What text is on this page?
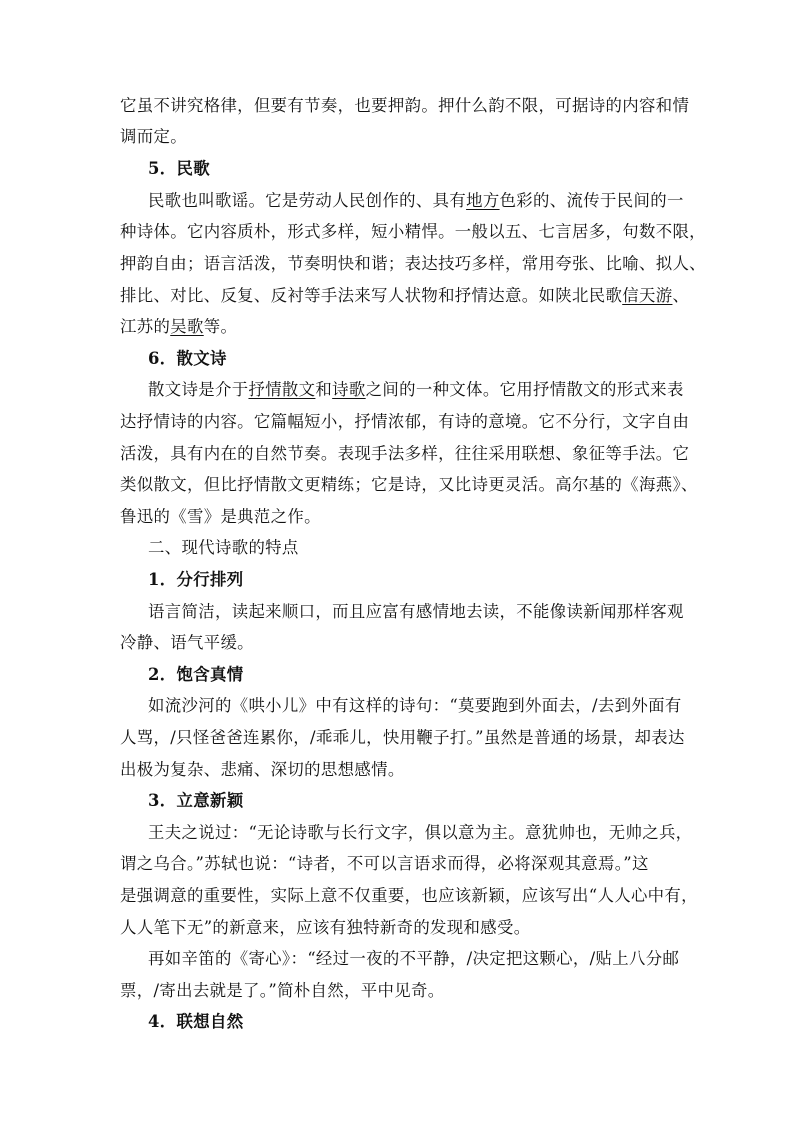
它虽不讲究格律，但要有节奏，也要押韵。押什么韵不限，可据诗的内容和情
调而定。
5．民歌
民歌也叫歌谣。它是劳动人民创作的、具有地方色彩的、流传于民间的一
种诗体。它内容质朴，形式多样，短小精悍。一般以五、七言居多，句数不限，
押韵自由；语言活泼，节奏明快和谐；表达技巧多样，常用夸张、比喻、拟人、
排比、对比、反复、反衬等手法来写人状物和抒情达意。如陕北民歌信天游、
江苏的吴歌等。
6．散文诗
散文诗是介于抒情散文和诗歌之间的一种文体。它用抒情散文的形式来表
达抒情诗的内容。它篇幅短小，抒情浓郁，有诗的意境。它不分行，文字自由
活泼，具有内在的自然节奏。表现手法多样，往往采用联想、象征等手法。它
类似散文，但比抒情散文更精练；它是诗，又比诗更灵活。高尔基的《海燕》、
鲁迅的《雪》是典范之作。
二、现代诗歌的特点
1．分行排列
语言简洁，读起来顺口，而且应富有感情地去读，不能像读新闻那样客观
冷静、语气平缓。
2．饱含真情
如流沙河的《哄小儿》中有这样的诗句：“莫要跑到外面去，/去到外面有
人骂，/只怪爸爸连累你，/乖乖儿，快用鞭子打。”虽然是普通的场景，却表达
出极为复杂、悲痛、深切的思想感情。
3．立意新颖
王夫之说过：“无论诗歌与长行文字，俱以意为主。意犹帅也，无帅之兵，
谓之乌合。”苏轼也说：“诗者，不可以言语求而得，必将深观其意焉。”这
是强调意的重要性，实际上意不仅重要，也应该新颖，应该写出“人人心中有，
人人笔下无”的新意来，应该有独特新奇的发现和感受。
再如辛笛的《寄心》：“经过一夜的不平静，/决定把这颗心，/贴上八分邮
票，/寄出去就是了。”简朴自然，平中见奇。
4．联想自然
